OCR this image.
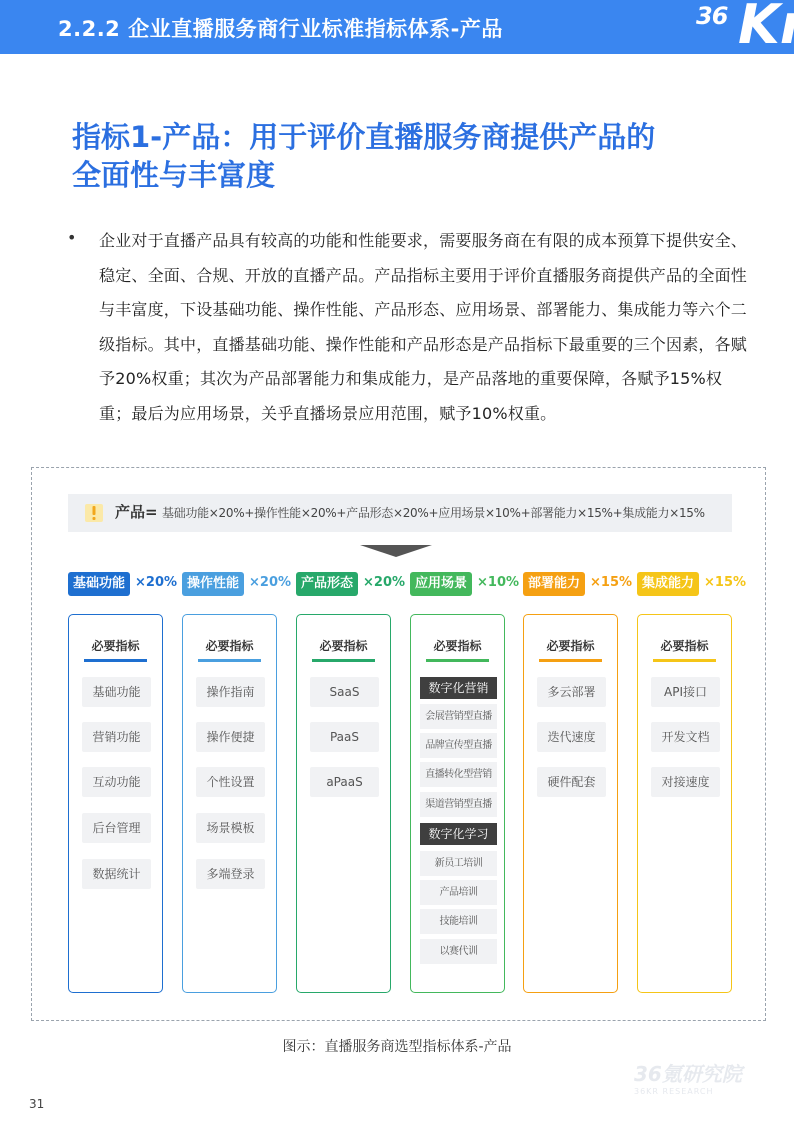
2.2.2 企业直播服务商行业标准指标体系-产品	36 Kr
指标1-产品：用于评价直播服务商提供产品的
全面性与丰富度
• 企业对于直播产品具有较高的功能和性能要求，需要服务商在有限的成本预算下提供安全、稳定、全面、合规、开放的直播产品。产品指标主要用于评价直播服务商提供产品的全面性与丰富度，下设基础功能、操作性能、产品形态、应用场景、部署能力、集成能力等六个二级指标。其中，直播基础功能、操作性能和产品形态是产品指标下最重要的三个因素，各赋予20%权重；其次为产品部署能力和集成能力，是产品落地的重要保障，各赋予15%权重；最后为应用场景，关乎直播场景应用范围，赋予10%权重。
产品= 基础功能×20%+操作性能×20%+产品形态×20%+应用场景×10%+部署能力×15%+集成能力×15%
基础功能 ×20% 操作性能 ×20% 产品形态 ×20% 应用场景 ×10% 部署能力 ×15% 集成能力 ×15%
必要指标
基础功能
营销功能
互动功能
后台管理
数据统计
必要指标
操作指南
操作便捷
个性设置
场景模板
多端登录
必要指标
SaaS
PaaS
aPaaS
必要指标
数字化营销
会展营销型直播
品牌宣传型直播
直播转化型营销
渠道营销型直播
数字化学习
新员工培训
产品培训
技能培训
以赛代训
必要指标
多云部署
迭代速度
硬件配套
必要指标
API接口
开发文档
对接速度
图示：直播服务商选型指标体系-产品
36氪研究院
36KR RESEARCH
31
